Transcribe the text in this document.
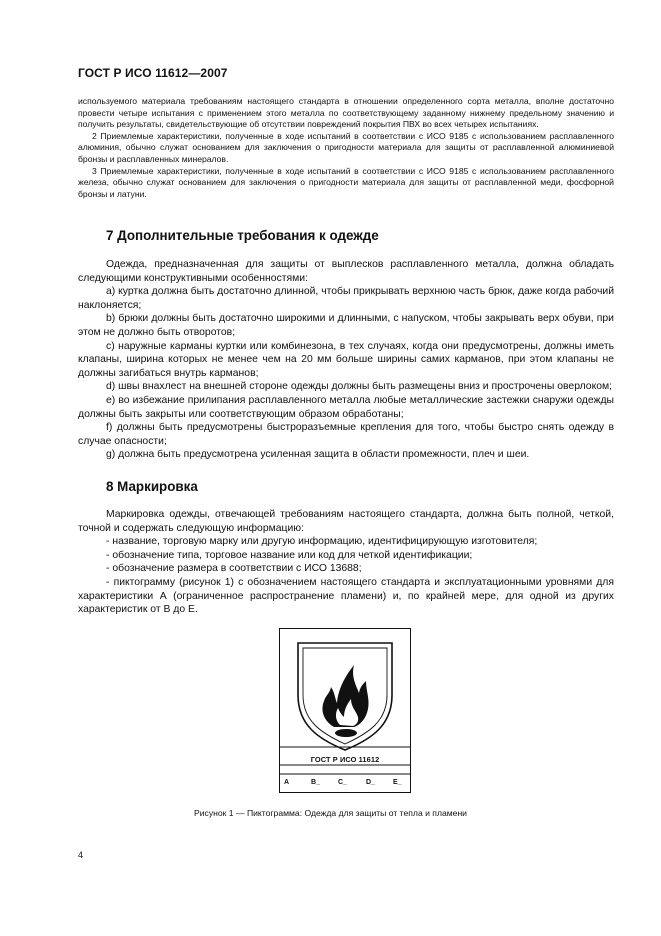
ГОСТ Р ИСО 11612—2007

используемого материала требованиям настоящего стандарта в отношении определенного сорта металла, вполне достаточно провести четыре испытания с применением этого металла по соответствующему заданному нижнему предельному значению и получить результаты, свидетельствующие об отсутствии повреждений покрытия ПВХ во всех четырех испытаниях.

2 Приемлемые характеристики, полученные в ходе испытаний в соответствии с ИСО 9185 с использованием расплавленного алюминия, обычно служат основанием для заключения о пригодности материала для защиты от расплавленной алюминиевой бронзы и расплавленных минералов.

3 Приемлемые характеристики, полученные в ходе испытаний в соответствии с ИСО 9185 с использованием расплавленного железа, обычно служат основанием для заключения о пригодности материала для защиты от расплавленной меди, фосфорной бронзы и латуни.

7 Дополнительные требования к одежде

Одежда, предназначенная для защиты от выплесков расплавленного металла, должна обладать следующими конструктивными особенностями:

a) куртка должна быть достаточно длинной, чтобы прикрывать верхнюю часть брюк, даже когда рабочий наклоняется;

b) брюки должны быть достаточно широкими и длинными, с напуском, чтобы закрывать верх обуви, при этом не должно быть отворотов;

c) наружные карманы куртки или комбинезона, в тех случаях, когда они предусмотрены, должны иметь клапаны, ширина которых не менее чем на 20 мм больше ширины самих карманов, при этом клапаны не должны загибаться внутрь карманов;

d) швы внахлест на внешней стороне одежды должны быть размещены вниз и прострочены оверлоком;

e) во избежание прилипания расплавленного металла любые металлические застежки снаружи одежды должны быть закрыты или соответствующим образом обработаны;

f) должны быть предусмотрены быстроразъемные крепления для того, чтобы быстро снять одежду в случае опасности;

g) должна быть предусмотрена усиленная защита в области промежности, плеч и шеи.

8 Маркировка

Маркировка одежды, отвечающей требованиям настоящего стандарта, должна быть полной, четкой, точной и содержать следующую информацию:

- название, торговую марку или другую информацию, идентифицирующую изготовителя;

- обозначение типа, торговое название или код для четкой идентификации;

- обозначение размера в соответствии с ИСО 13688;

- пиктограмму (рисунок 1) с обозначением настоящего стандарта и эксплуатационными уровнями для характеристики А (ограниченное распространение пламени) и, по крайней мере, для одной из других характеристик от В до Е.

ГОСТ Р ИСО 11612
A	B_	C_	D_	E_
Рисунок 1 — Пиктограмма: Одежда для защиты от тепла и пламени
4
